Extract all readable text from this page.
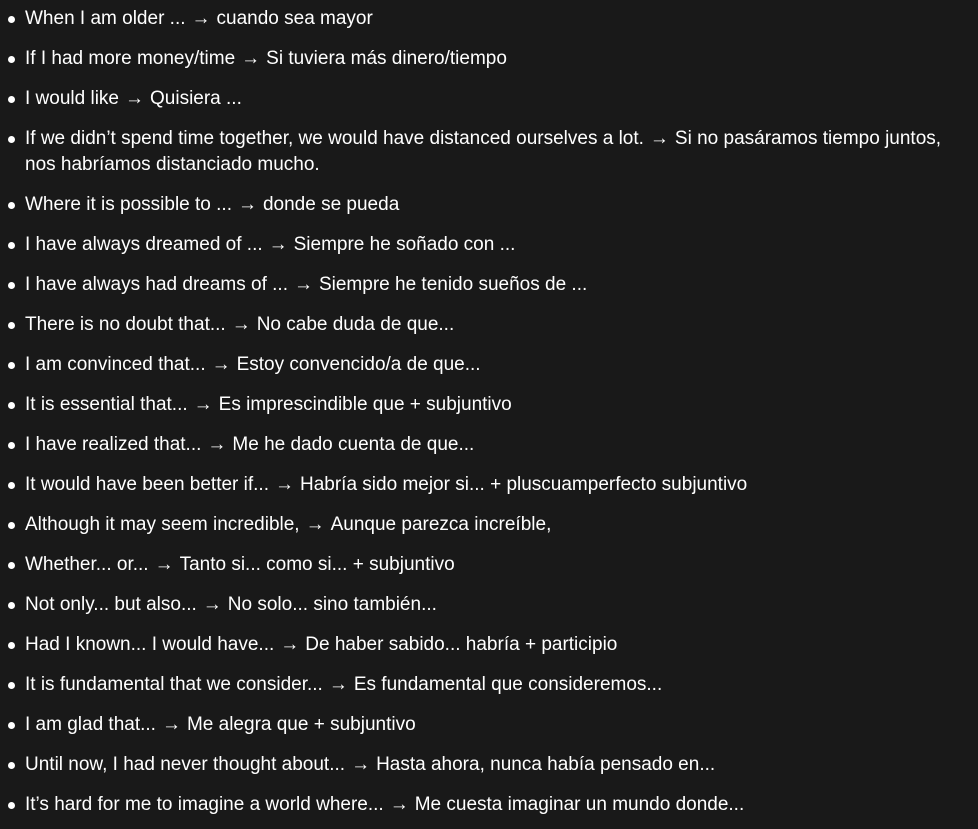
When I am older ... → cuando sea mayor
If I had more money/time → Si tuviera más dinero/tiempo
I would like → Quisiera ...
If we didn’t spend time together, we would have distanced ourselves a lot. → Si no pasáramos tiempo juntos, nos habríamos distanciado mucho.
Where it is possible to ... → donde se pueda
I have always dreamed of ... → Siempre he soñado con ...
I have always had dreams of ... → Siempre he tenido sueños de ...
There is no doubt that... → No cabe duda de que...
I am convinced that... → Estoy convencido/a de que...
It is essential that... → Es imprescindible que + subjuntivo
I have realized that... → Me he dado cuenta de que...
It would have been better if... → Habría sido mejor si... + pluscuamperfecto subjuntivo
Although it may seem incredible, → Aunque parezca increíble,
Whether... or... → Tanto si... como si... + subjuntivo
Not only... but also... → No solo... sino también...
Had I known... I would have... → De haber sabido... habría + participio
It is fundamental that we consider... → Es fundamental que consideremos...
I am glad that... → Me alegra que + subjuntivo
Until now, I had never thought about... → Hasta ahora, nunca había pensado en...
It’s hard for me to imagine a world where... → Me cuesta imaginar un mundo donde...
